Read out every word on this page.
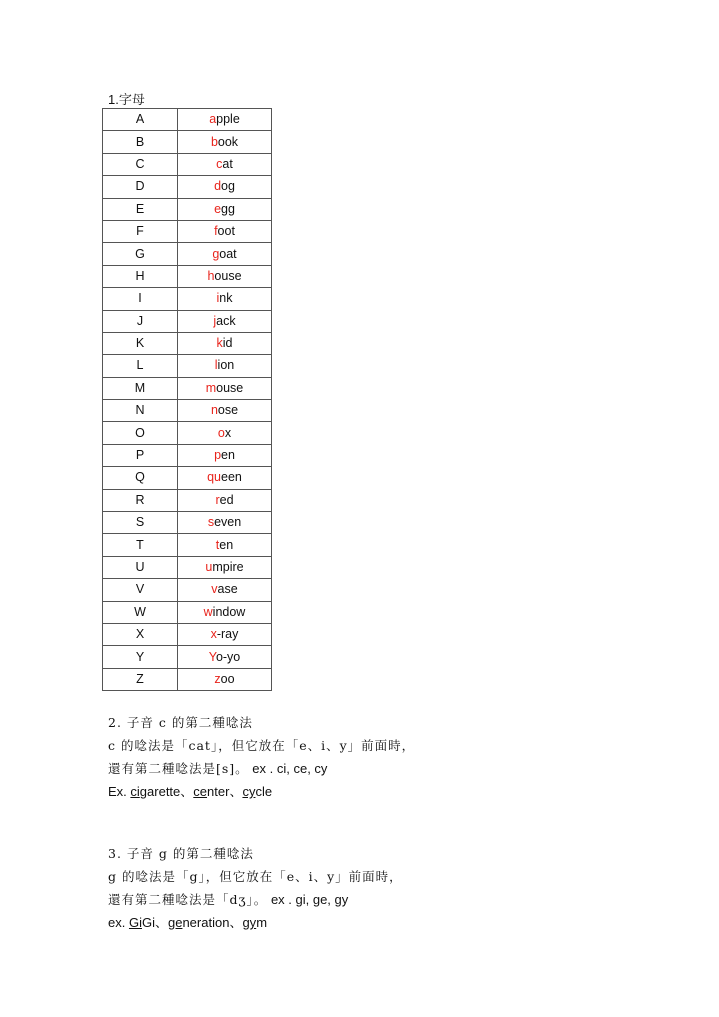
1.字母
A	apple
B	book
C	cat
D	dog
E	egg
F	foot
G	goat
H	house
I	ink
J	jack
K	kid
L	lion
M	mouse
N	nose
O	ox
P	pen
Q	queen
R	red
S	seven
T	ten
U	umpire
V	vase
W	window
X	x-ray
Y	Yo-yo
Z	zoo
2. 子音 c 的第二種唸法
c 的唸法是「cat」，但它放在「e、i、y」前面時，
還有第二種唸法是[s]。 ex . ci, ce, cy
Ex. cigarette、center、cycle
3. 子音 g 的第二種唸法
g 的唸法是「g」，但它放在「e、i、y」前面時，
還有第二種唸法是「dʒ」。 ex . gi, ge, gy
ex. GiGi、generation、gym
